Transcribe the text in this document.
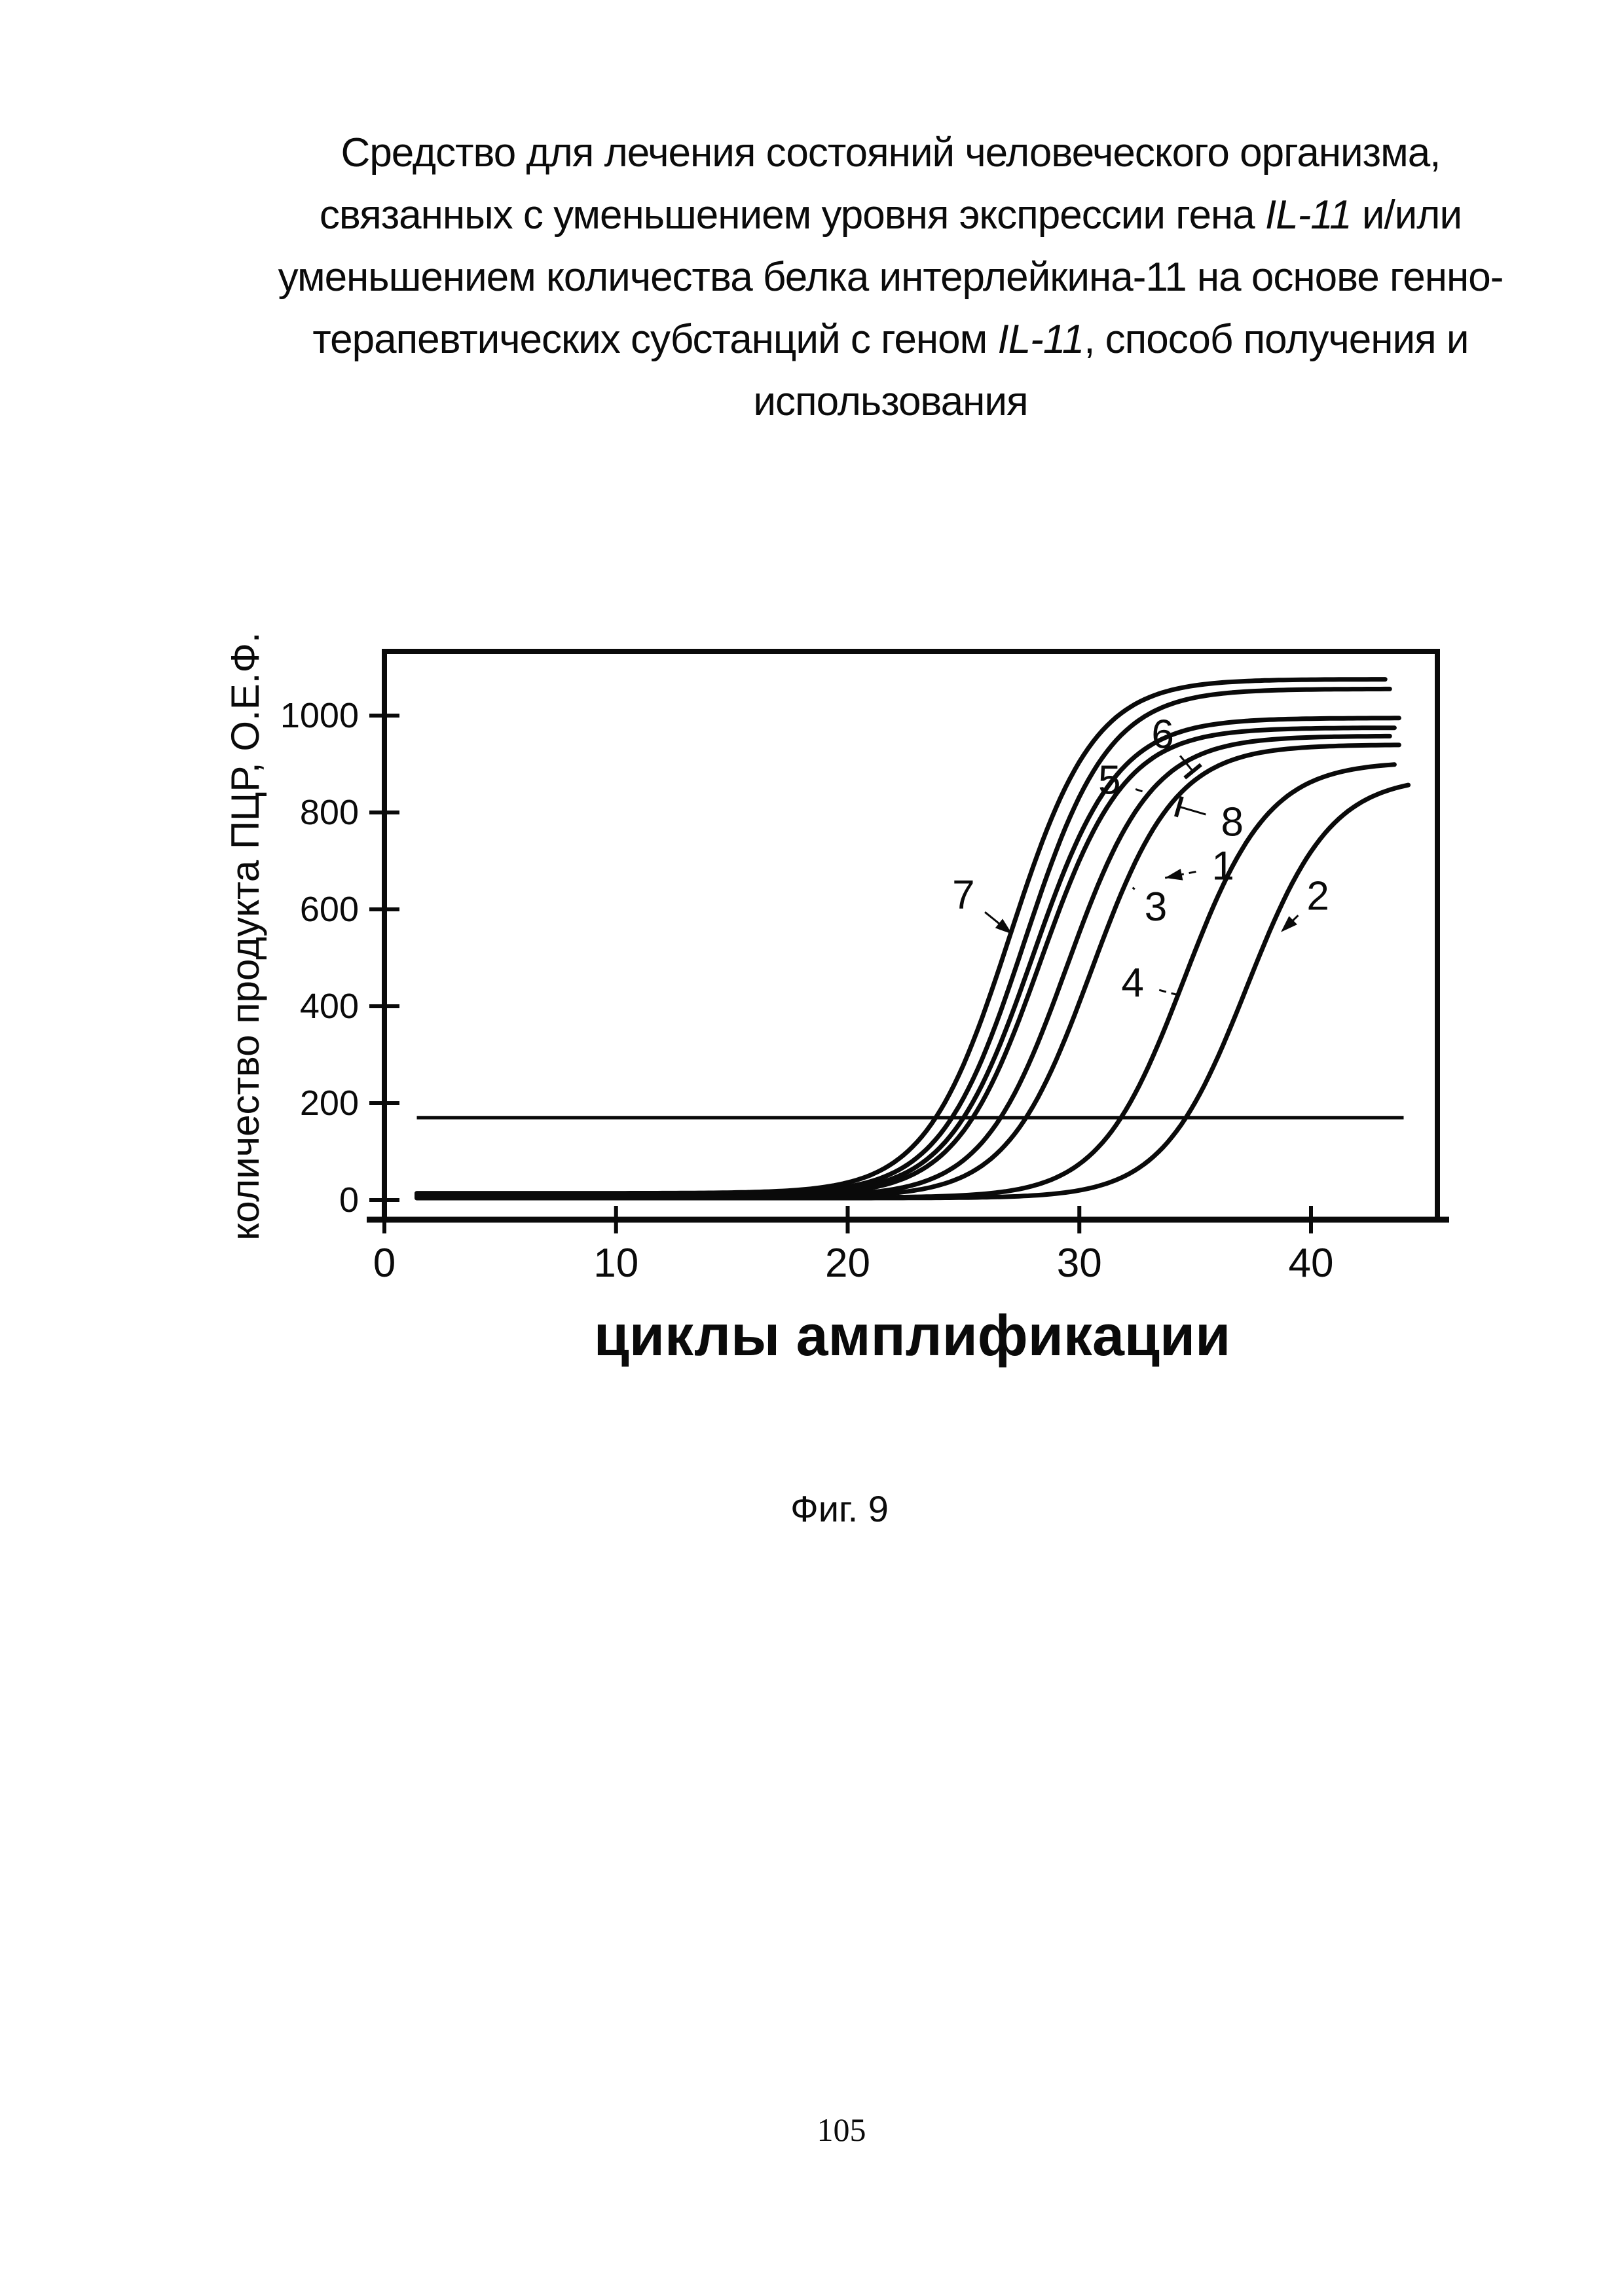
Средство для лечения состояний человеческого организма,
связанных с уменьшением уровня экспрессии гена IL-11 и/или
уменьшением количества белка интерлейкина-11 на основе генно-
терапевтических субстанций с геном IL-11, способ получения и
использования
0
200
400
600
800
1000
0	10	20	30	40
количество продукта ПЦР, О.Е.Ф.
циклы амплификации
7
6
5
8
1
3
4
2
Фиг. 9
105
